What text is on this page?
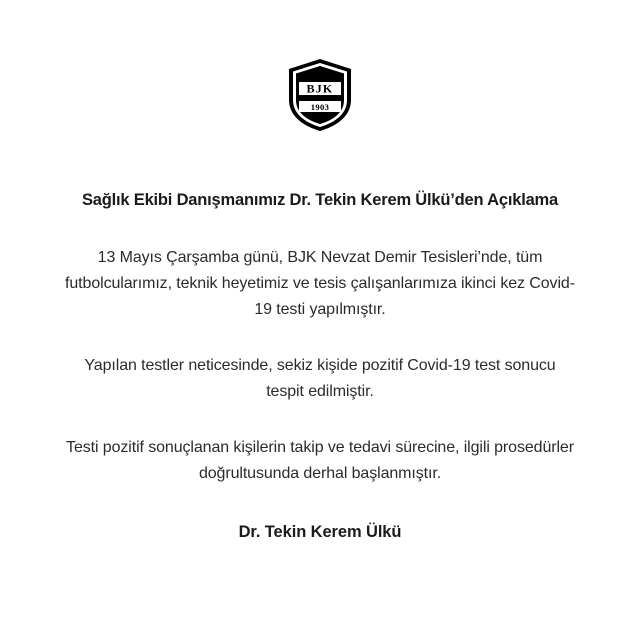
BJK
1903
Sağlık Ekibi Danışmanımız Dr. Tekin Kerem Ülkü’den Açıklama

13 Mayıs Çarşamba günü, BJK Nevzat Demir Tesisleri’nde, tüm futbolcularımız, teknik heyetimiz ve tesis çalışanlarımıza ikinci kez Covid-19 testi yapılmıştır.

Yapılan testler neticesinde, sekiz kişide pozitif Covid-19 test sonucu tespit edilmiştir.

Testi pozitif sonuçlanan kişilerin takip ve tedavi sürecine, ilgili prosedürler doğrultusunda derhal başlanmıştır.

Dr. Tekin Kerem Ülkü
